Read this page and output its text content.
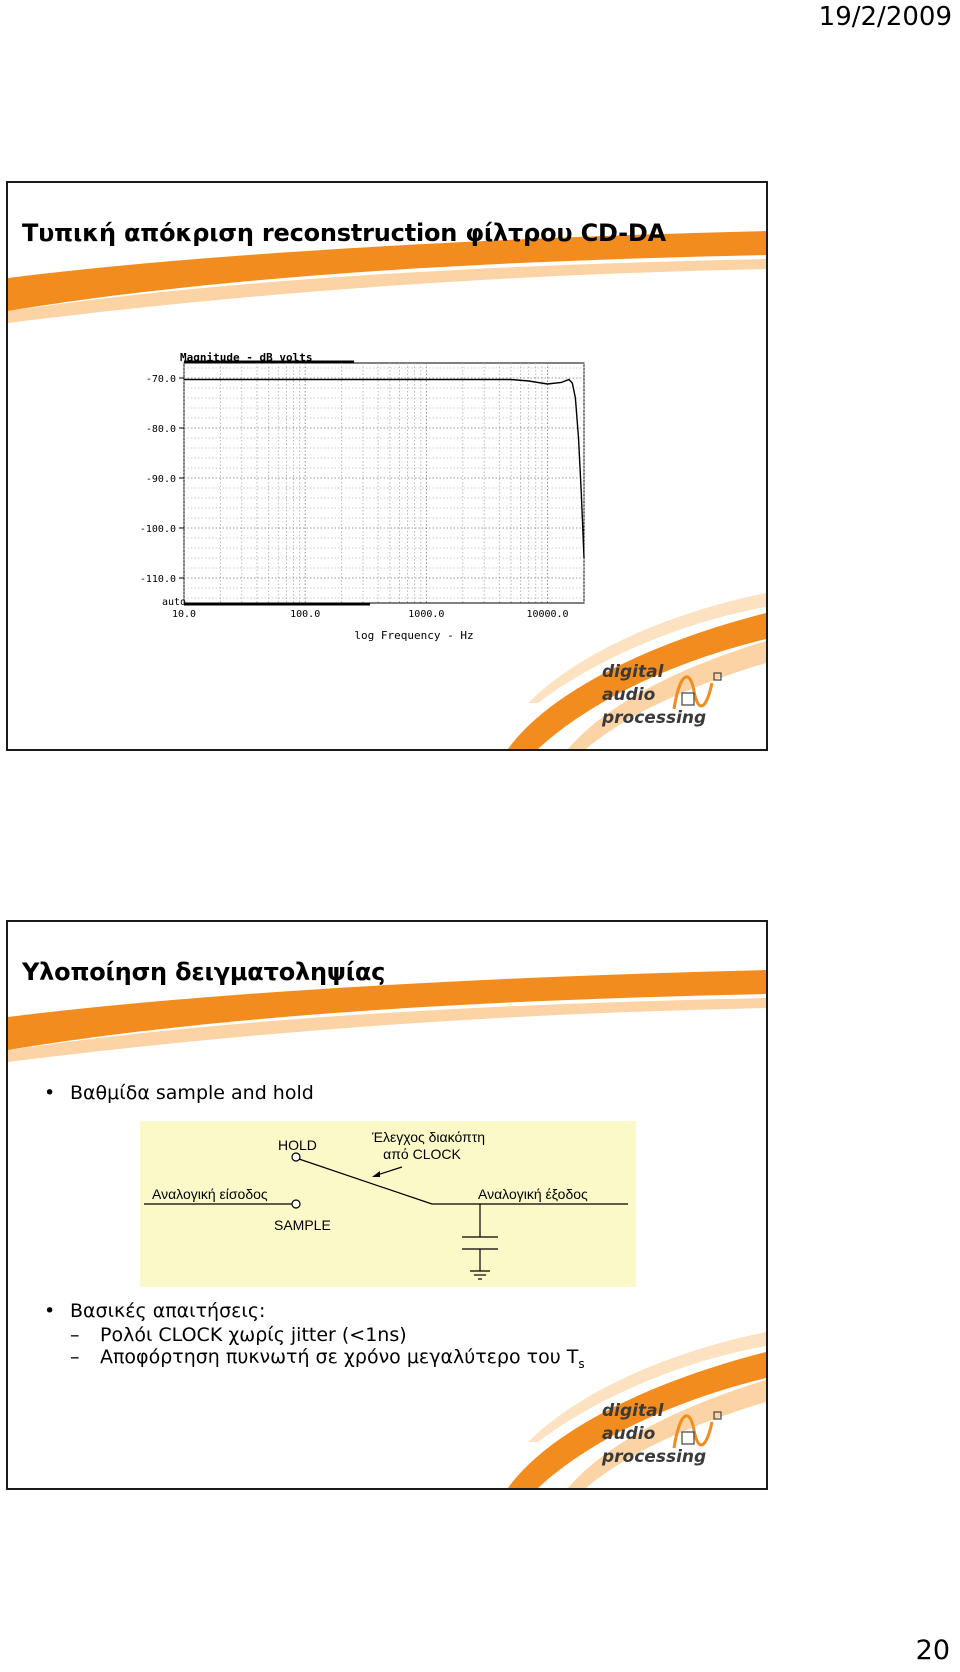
19/2/2009
Τυπική απόκριση reconstruction φίλτρου CD-DA
Magnitude - dB volts
-70.0
-80.0
-90.0
-100.0
-110.0
10.0	100.0	1000.0	10000.0
auto
log Frequency - Hz
digital
audio
processing
Υλοποίηση δειγματοληψίας
• Βαθμίδα sample and hold
HOLD
SAMPLE
Έλεγχος διακόπτη
από CLOCK
Αναλογική είσοδος	Αναλογική έξοδος
• Βασικές απαιτήσεις:
– Ρολόι CLOCK χωρίς jitter (<1ns)
– Αποφόρτηση πυκνωτή σε χρόνο μεγαλύτερο του $T_s$
digital
audio
processing
20
